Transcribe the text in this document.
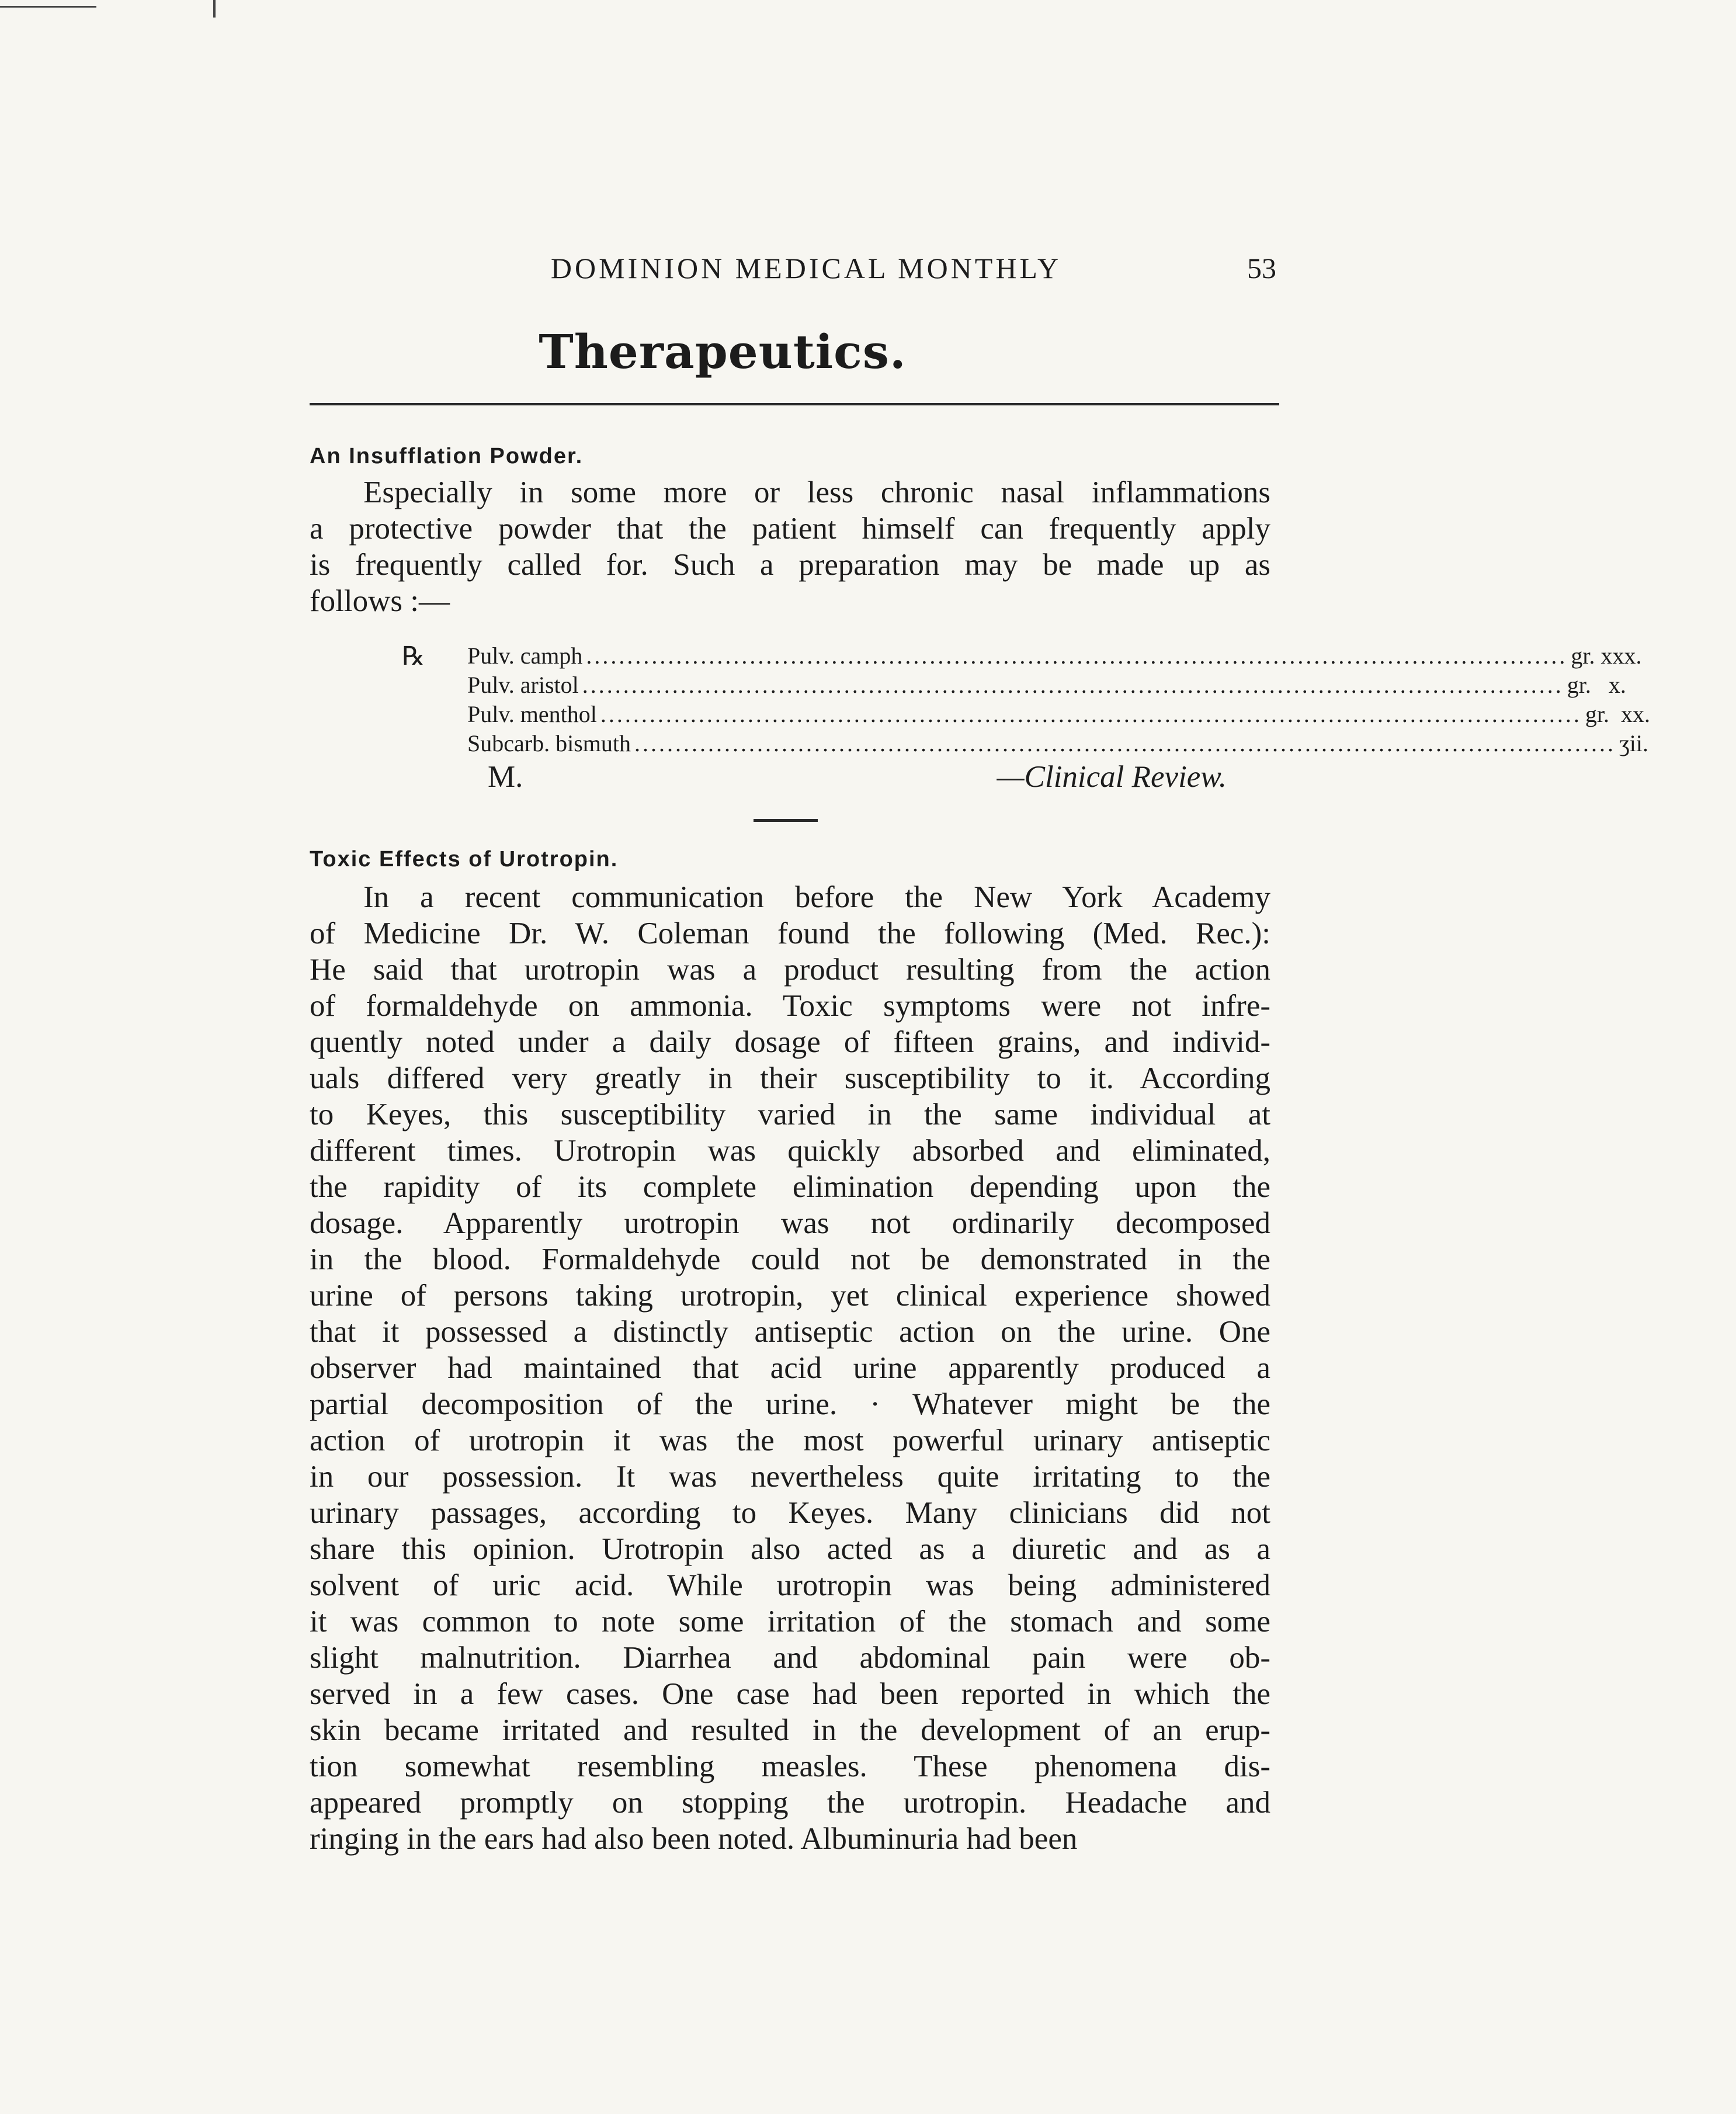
DOMINION MEDICAL MONTHLY	53
Therapeutics.
An Insufflation Powder.

Especially in some more or less chronic nasal inflammations
a protective powder that the patient himself can frequently apply
is frequently called for. Such a preparation may be made up as
follows :—

℞ Pulv. camph ........................................................................................................................ gr. xxx.
Pulv. aristol ........................................................................................................................ gr.   x.
Pulv. menthol ........................................................................................................................ gr.  xx.
Subcarb. bismuth ........................................................................................................................ ʒii.
M.	—Clinical Review.
Toxic Effects of Urotropin.

In a recent communication before the New York Academy
of Medicine Dr. W. Coleman found the following (Med. Rec.):
He said that urotropin was a product resulting from the action
of formaldehyde on ammonia. Toxic symptoms were not infre-
quently noted under a daily dosage of fifteen grains, and individ-
uals differed very greatly in their susceptibility to it. According
to Keyes, this susceptibility varied in the same individual at
different times. Urotropin was quickly absorbed and eliminated,
the rapidity of its complete elimination depending upon the
dosage. Apparently urotropin was not ordinarily decomposed
in the blood. Formaldehyde could not be demonstrated in the
urine of persons taking urotropin, yet clinical experience showed
that it possessed a distinctly antiseptic action on the urine. One
observer had maintained that acid urine apparently produced a
partial decomposition of the urine. · Whatever might be the
action of urotropin it was the most powerful urinary antiseptic
in our possession. It was nevertheless quite irritating to the
urinary passages, according to Keyes. Many clinicians did not
share this opinion. Urotropin also acted as a diuretic and as a
solvent of uric acid. While urotropin was being administered
it was common to note some irritation of the stomach and some
slight malnutrition. Diarrhea and abdominal pain were ob-
served in a few cases. One case had been reported in which the
skin became irritated and resulted in the development of an erup-
tion somewhat resembling measles. These phenomena dis-
appeared promptly on stopping the urotropin. Headache and
ringing in the ears had also been noted. Albuminuria had been
